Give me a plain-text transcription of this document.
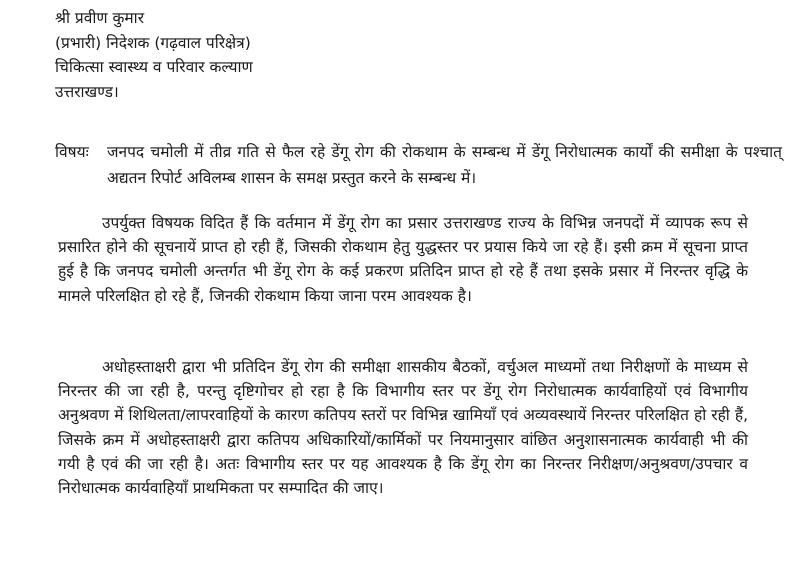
श्री प्रवीण कुमार
(प्रभारी) निदेशक (गढ़वाल परिक्षेत्र)
चिकित्सा स्वास्थ्य व परिवार कल्याण
उत्तराखण्ड।
विषयः जनपद चमोली में तीव्र गति से फैल रहे डेंगू रोग की रोकथाम के सम्बन्ध में डेंगू निरोधात्मक कार्यों की समीक्षा के पश्चात् अद्यतन रिपोर्ट अविलम्ब शासन के समक्ष प्रस्तुत करने के सम्बन्ध में।
उपर्युक्त विषयक विदित हैं कि वर्तमान में डेंगू रोग का प्रसार उत्तराखण्ड राज्य के विभिन्न जनपदों में व्यापक रूप से प्रसारित होने की सूचनायें प्राप्त हो रही हैं, जिसकी रोकथाम हेतु युद्धस्तर पर प्रयास किये जा रहे हैं। इसी क्रम में सूचना प्राप्त हुई है कि जनपद चमोली अन्तर्गत भी डेंगू रोग के कई प्रकरण प्रतिदिन प्राप्त हो रहे हैं तथा इसके प्रसार में निरन्तर वृद्धि के मामले परिलक्षित हो रहे हैं, जिनकी रोकथाम किया जाना परम आवश्यक है।
अधोहस्ताक्षरी द्वारा भी प्रतिदिन डेंगू रोग की समीक्षा शासकीय बैठकों, वर्चुअल माध्यमों तथा निरीक्षणों के माध्यम से निरन्तर की जा रही है, परन्तु दृष्टिगोचर हो रहा है कि विभागीय स्तर पर डेंगू रोग निरोधात्मक कार्यवाहियों एवं विभागीय अनुश्रवण में शिथिलता/लापरवाहियों के कारण कतिपय स्तरों पर विभिन्न खामियाँ एवं अव्यवस्थायें निरन्तर परिलक्षित हो रही हैं, जिसके क्रम में अधोहस्ताक्षरी द्वारा कतिपय अधिकारियों/कार्मिकों पर नियमानुसार वांछित अनुशासनात्मक कार्यवाही भी की गयी है एवं की जा रही है। अतः विभागीय स्तर पर यह आवश्यक है कि डेंगू रोग का निरन्तर निरीक्षण/अनुश्रवण/उपचार व निरोधात्मक कार्यवाहियाँ प्राथमिकता पर सम्पादित की जाए।
